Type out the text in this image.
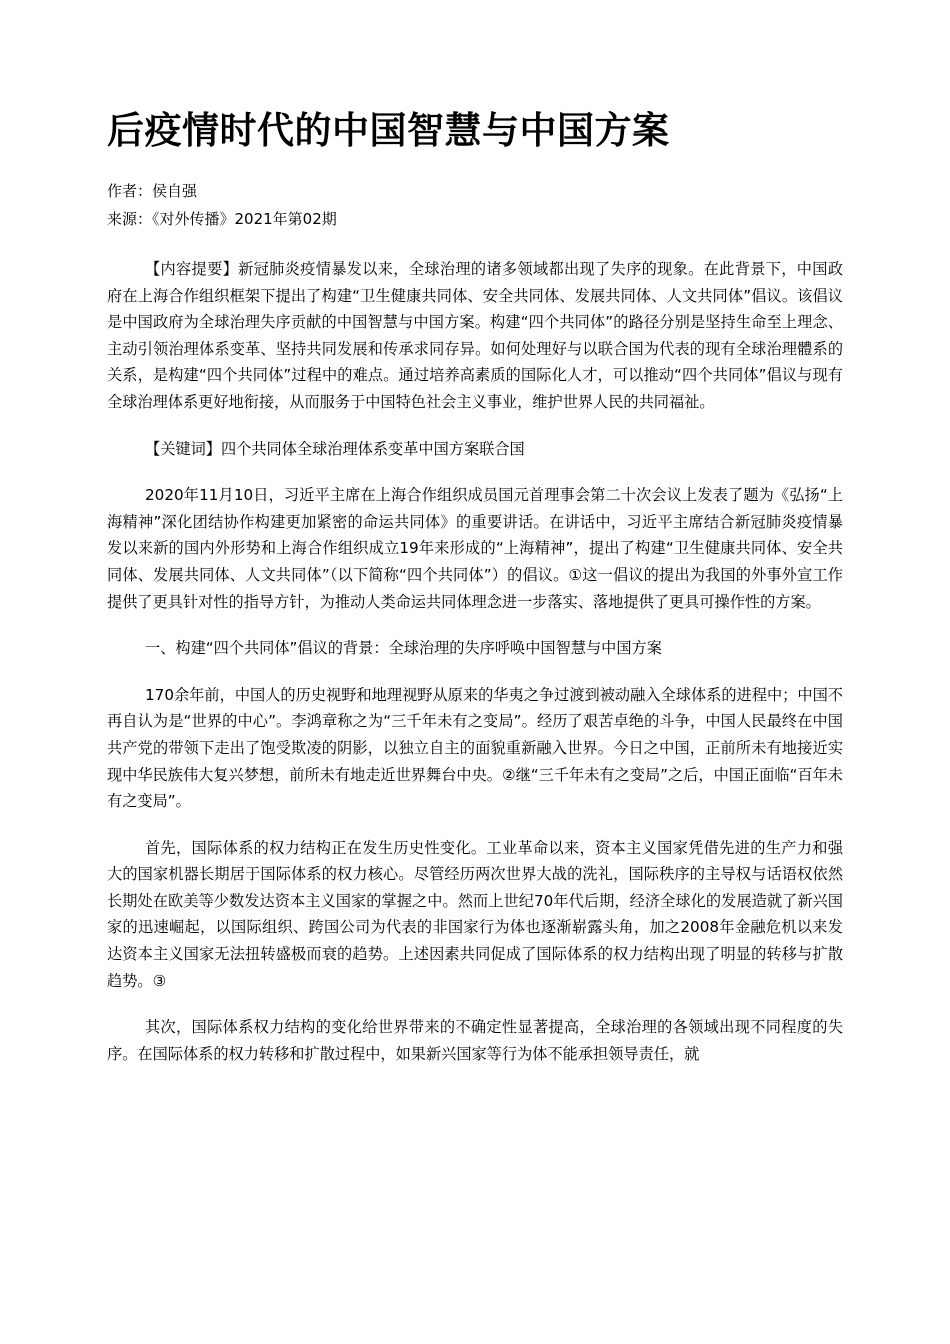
后疫情时代的中国智慧与中国方案
作者：侯自强
来源：《对外传播》2021年第02期

【内容提要】新冠肺炎疫情暴发以来，全球治理的诸多领域都出现了失序的现象。在此背景下，中国政府在上海合作组织框架下提出了构建“卫生健康共同体、安全共同体、发展共同体、人文共同体”倡议。该倡议是中国政府为全球治理失序贡献的中国智慧与中国方案。构建“四个共同体”的路径分别是坚持生命至上理念、主动引领治理体系变革、坚持共同发展和传承求同存异。如何处理好与以联合国为代表的现有全球治理體系的关系，是构建“四个共同体”过程中的难点。通过培养高素质的国际化人才，可以推动“四个共同体”倡议与现有全球治理体系更好地衔接，从而服务于中国特色社会主义事业，维护世界人民的共同福祉。

【关键词】四个共同体全球治理体系变革中国方案联合国

2020年11月10日，习近平主席在上海合作组织成员国元首理事会第二十次会议上发表了题为《弘扬“上海精神”深化团结协作构建更加紧密的命运共同体》的重要讲话。在讲话中，习近平主席结合新冠肺炎疫情暴发以来新的国内外形势和上海合作组织成立19年来形成的“上海精神”，提出了构建“卫生健康共同体、安全共同体、发展共同体、人文共同体”（以下简称“四个共同体”）的倡议。①这一倡议的提出为我国的外事外宣工作提供了更具针对性的指导方针，为推动人类命运共同体理念进一步落实、落地提供了更具可操作性的方案。

一、构建“四个共同体”倡议的背景：全球治理的失序呼唤中国智慧与中国方案

170余年前，中国人的历史视野和地理视野从原来的华夷之争过渡到被动融入全球体系的进程中；中国不再自认为是“世界的中心”。李鸿章称之为“三千年未有之变局”。经历了艰苦卓绝的斗争，中国人民最终在中国共产党的带领下走出了饱受欺凌的阴影，以独立自主的面貌重新融入世界。今日之中国，正前所未有地接近实现中华民族伟大复兴梦想，前所未有地走近世界舞台中央。②继“三千年未有之变局”之后，中国正面临“百年未有之变局”。

首先，国际体系的权力结构正在发生历史性变化。工业革命以来，资本主义国家凭借先进的生产力和强大的国家机器长期居于国际体系的权力核心。尽管经历两次世界大战的洗礼，国际秩序的主导权与话语权依然长期处在欧美等少数发达资本主义国家的掌握之中。然而上世纪70年代后期，经济全球化的发展造就了新兴国家的迅速崛起，以国际组织、跨国公司为代表的非国家行为体也逐渐崭露头角，加之2008年金融危机以来发达资本主义国家无法扭转盛极而衰的趋势。上述因素共同促成了国际体系的权力结构出现了明显的转移与扩散趋势。③

其次，国际体系权力结构的变化给世界带来的不确定性显著提高，全球治理的各领域出现不同程度的失序。在国际体系的权力转移和扩散过程中，如果新兴国家等行为体不能承担领导责任，就
